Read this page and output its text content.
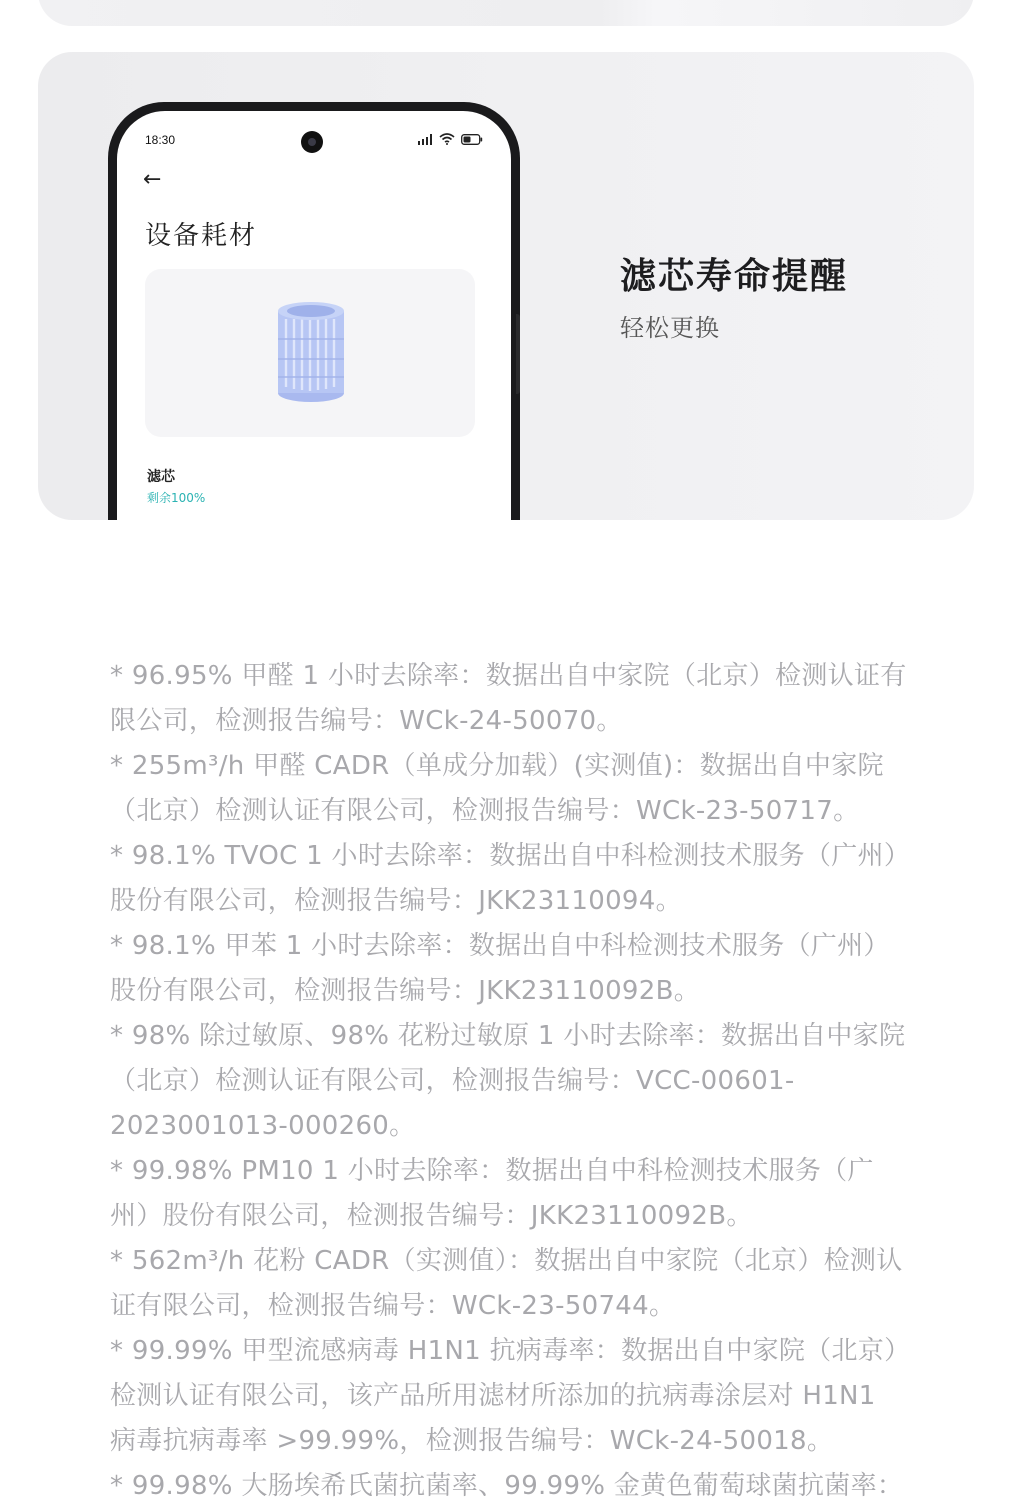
18:30
←
设备耗材
滤芯
剩余100%
滤芯寿命提醒
轻松更换
* 96.95% 甲醛 1 小时去除率：数据出自中家院（北京）检测认证有限公司，检测报告编号：WCk-24-50070。
* 255m³/h 甲醛 CADR（单成分加载）(实测值)：数据出自中家院（北京）检测认证有限公司，检测报告编号：WCk-23-50717。
* 98.1% TVOC 1 小时去除率：数据出自中科检测技术服务（广州）股份有限公司，检测报告编号：JKK23110094。
* 98.1% 甲苯 1 小时去除率：数据出自中科检测技术服务（广州）股份有限公司，检测报告编号：JKK23110092B。
* 98% 除过敏原、98% 花粉过敏原 1 小时去除率：数据出自中家院（北京）检测认证有限公司，检测报告编号：VCC-00601-2023001013-000260。
* 99.98% PM10 1 小时去除率：数据出自中科检测技术服务（广州）股份有限公司，检测报告编号：JKK23110092B。
* 562m³/h 花粉 CADR（实测值）：数据出自中家院（北京）检测认证有限公司，检测报告编号：WCk-23-50744。
* 99.99% 甲型流感病毒 H1N1 抗病毒率：数据出自中家院（北京）检测认证有限公司，该产品所用滤材所添加的抗病毒涂层对 H1N1 病毒抗病毒率 >99.99%，检测报告编号：WCk-24-50018。
* 99.98% 大肠埃希氏菌抗菌率、99.99% 金黄色葡萄球菌抗菌率：
